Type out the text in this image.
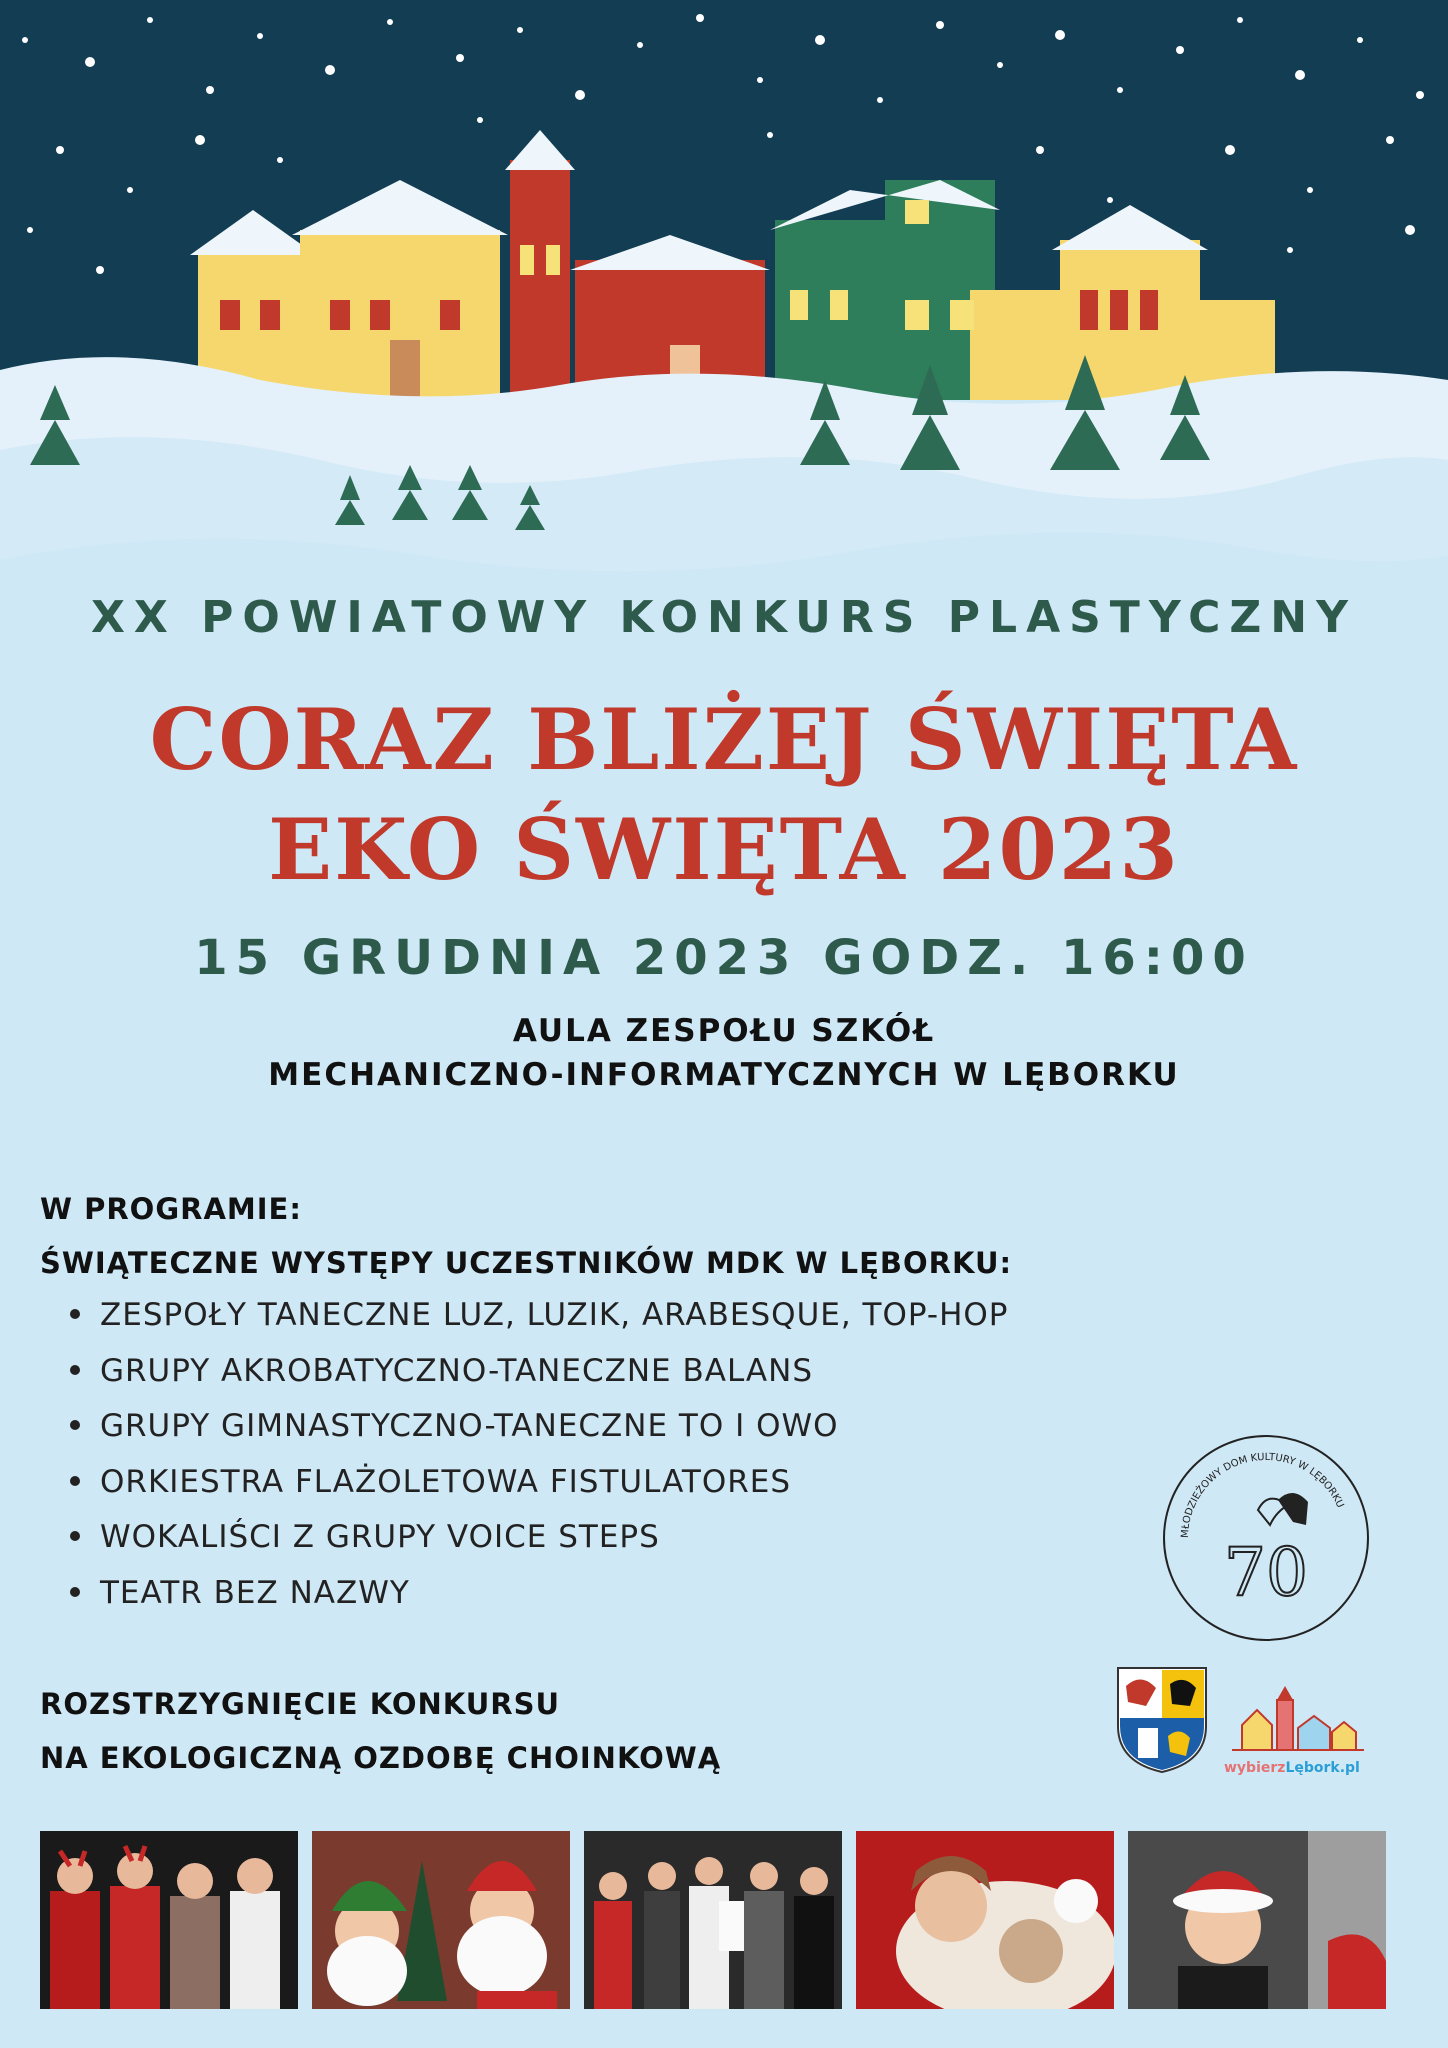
XX POWIATOWY KONKURS PLASTYCZNY
CORAZ BLIŻEJ ŚWIĘTA
EKO ŚWIĘTA 2023
15 GRUDNIA 2023 GODZ. 16:00
AULA ZESPOŁU SZKÓŁ
MECHANICZNO-INFORMATYCZNYCH W LĘBORKU
W PROGRAMIE:
ŚWIĄTECZNE WYSTĘPY UCZESTNIKÓW MDK W LĘBORKU:
ZESPOŁY TANECZNE LUZ, LUZIK, ARABESQUE, TOP-HOP
GRUPY AKROBATYCZNO-TANECZNE BALANS
GRUPY GIMNASTYCZNO-TANECZNE TO I OWO
ORKIESTRA FLAŻOLETOWA FISTULATORES
WOKALIŚCI Z GRUPY VOICE STEPS
TEATR BEZ NAZWY
ROZSTRZYGNIĘCIE KONKURSU
NA EKOLOGICZNĄ OZDOBĘ CHOINKOWĄ
MŁODZIEŻOWY DOM KULTURY W LĘBORKU
70
wybierzLębork.pl
